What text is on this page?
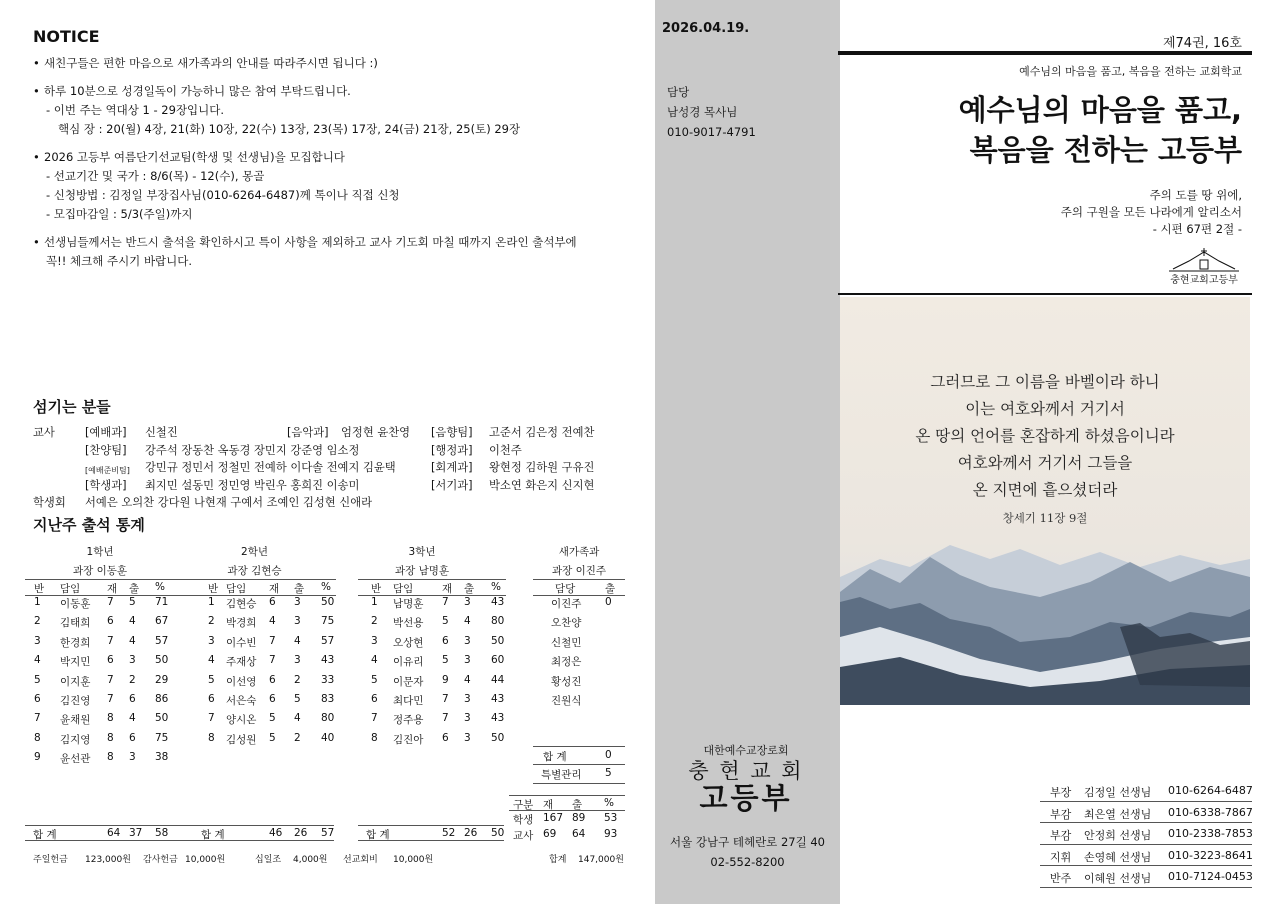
NOTICE
• 새친구들은 편한 마음으로 새가족과의 안내를 따라주시면 됩니다 :)
• 하루 10분으로 성경일독이 가능하니 많은 참여 부탁드립니다.
- 이번 주는 역대상 1 - 29장입니다.
핵심 장 : 20(월) 4장, 21(화) 10장, 22(수) 13장, 23(목) 17장, 24(금) 21장, 25(토) 29장
• 2026 고등부 여름단기선교팀(학생 및 선생님)을 모집합니다
- 선교기간 및 국가 : 8/6(목) - 12(수), 몽골
- 신청방법 : 김정일 부장집사님(010-6264-6487)께 톡이나 직접 신청
- 모집마감일 : 5/3(주일)까지
• 선생님들께서는 반드시 출석을 확인하시고 특이 사항을 제외하고 교사 기도회 마칠 때까지 온라인 출석부에
꼭!! 체크해 주시기 바랍니다.
섬기는 분들
교사	[예배과] 신철진	[음악과] 엄정현 윤찬영 [음향팀] 고준서 김은정 전예찬
[찬양팀] 강주석 장동찬 옥동경 장민지 강준영 임소정	[행정과] 이천주
[예배준비팀] 강민규 정민서 정철민 전예하 이다솔 전예지 김윤택	[회계과] 왕현정 김하원 구유진
[학생과] 최지민 설동민 정민영 박린우 홍희진 이송미	[서기과] 박소연 화은지 신지현
학생회 서예은 오의찬 강다원 나현재 구예서 조예인 김성현 신애라
지난주 출석 통계
1학년
과장 이동훈
반 담임	재 출 %
1 이동훈 7 5 71
2 김태희 6 4 67
3 한경희 7 4 57
4 박지민 6 3 50
5 이지훈 7 2 29
6 김진영 7 6 86
7 윤채원 8 4 50
8 김지영 8 6 75
9 윤선관 8 3 38
합 계	64 37 58
2학년
과장 김현승
반 담임 재 출 %
1 김현승 6 3 50
2 박경희 4 3 75
3 이수빈 7 4 57
4 주재상 7 3 43
5 이선영 6 2 33
6 서은숙 6 5 83
7 양시온 5 4 80
8 김성원 5 2 40
합 계	46 26 57
3학년
과장 남명훈
반 담임	재 출 %
1 남명훈 7 3 43
2 박선용 5 4 80
3 오상현 6 3 50
4 이유리 5 3 60
5 이문자 9 4 44
6 최다민 7 3 43
7 정주용 7 3 43
8 김진아 6 3 50
합 계	52 26 50
새가족과
과장 이진주
담당	출
이진주 0
오찬양
신철민
최정은
황성진
진원식
합 계	0
특별관리 5
구분 재 출 %
학생 167 89 53
교사 69 64 93
주일헌금 123,000원 감사헌금 10,000원	십일조 4,000원 선교회비 10,000원	합계 147,000원
2026.04.19.
담당
남성경 목사님
010-9017-4791
대한예수교장로회
충 현 교 회
고등부
서울 강남구 테헤란로 27길 40
02-552-8200
제74권, 16호
예수님의 마음을 품고, 복음을 전하는 교회학교
예수님의 마음을 품고,
복음을 전하는 고등부
주의 도를 땅 위에,
주의 구원을 모든 나라에게 알리소서
- 시편 67편 2절 -
충현교회고등부
그러므로 그 이름을 바벨이라 하니
이는 여호와께서 거기서
온 땅의 언어를 혼잡하게 하셨음이니라
여호와께서 거기서 그들을
온 지면에 흩으셨더라
창세기 11장 9절
부장 김정일 선생님 010-6264-6487
부감 최은열 선생님 010-6338-7867
부감 안정희 선생님 010-2338-7853
지휘 손영혜 선생님 010-3223-8641
반주 이혜원 선생님 010-7124-0453
